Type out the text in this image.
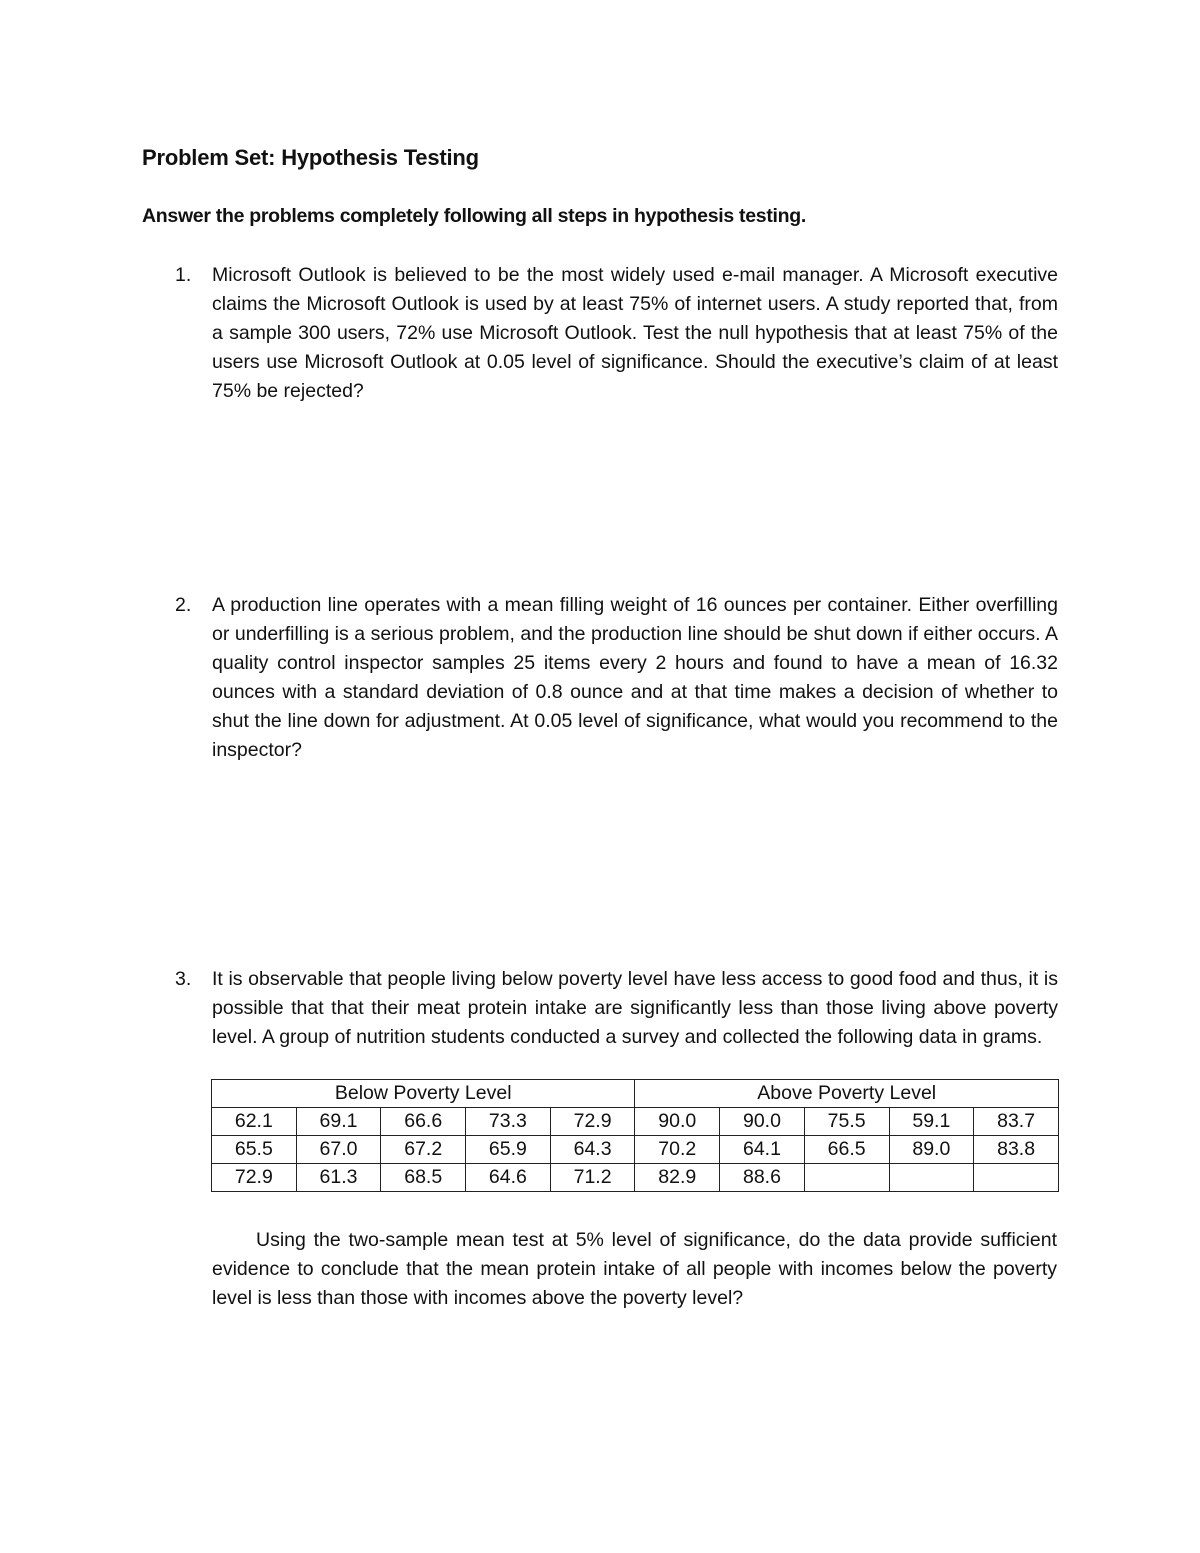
Problem Set: Hypothesis Testing
Answer the problems completely following all steps in hypothesis testing.
1. Microsoft Outlook is believed to be the most widely used e-mail manager. A Microsoft executive claims the Microsoft Outlook is used by at least 75% of internet users. A study reported that, from a sample 300 users, 72% use Microsoft Outlook. Test the null hypothesis that at least 75% of the users use Microsoft Outlook at 0.05 level of significance. Should the executive’s claim of at least 75% be rejected?
2. A production line operates with a mean filling weight of 16 ounces per container. Either overfilling or underfilling is a serious problem, and the production line should be shut down if either occurs. A quality control inspector samples 25 items every 2 hours and found to have a mean of 16.32 ounces with a standard deviation of 0.8 ounce and at that time makes a decision of whether to shut the line down for adjustment. At 0.05 level of significance, what would you recommend to the inspector?
3. It is observable that people living below poverty level have less access to good food and thus, it is possible that that their meat protein intake are significantly less than those living above poverty level. A group of nutrition students conducted a survey and collected the following data in grams.
Below Poverty Level					Above Poverty Level				
62.1	69.1	66.6	73.3	72.9	90.0	90.0	75.5	59.1	83.7
65.5	67.0	67.2	65.9	64.3	70.2	64.1	66.5	89.0	83.8
72.9	61.3	68.5	64.6	71.2	82.9	88.6			
Using the two-sample mean test at 5% level of significance, do the data provide sufficient evidence to conclude that the mean protein intake of all people with incomes below the poverty level is less than those with incomes above the poverty level?
